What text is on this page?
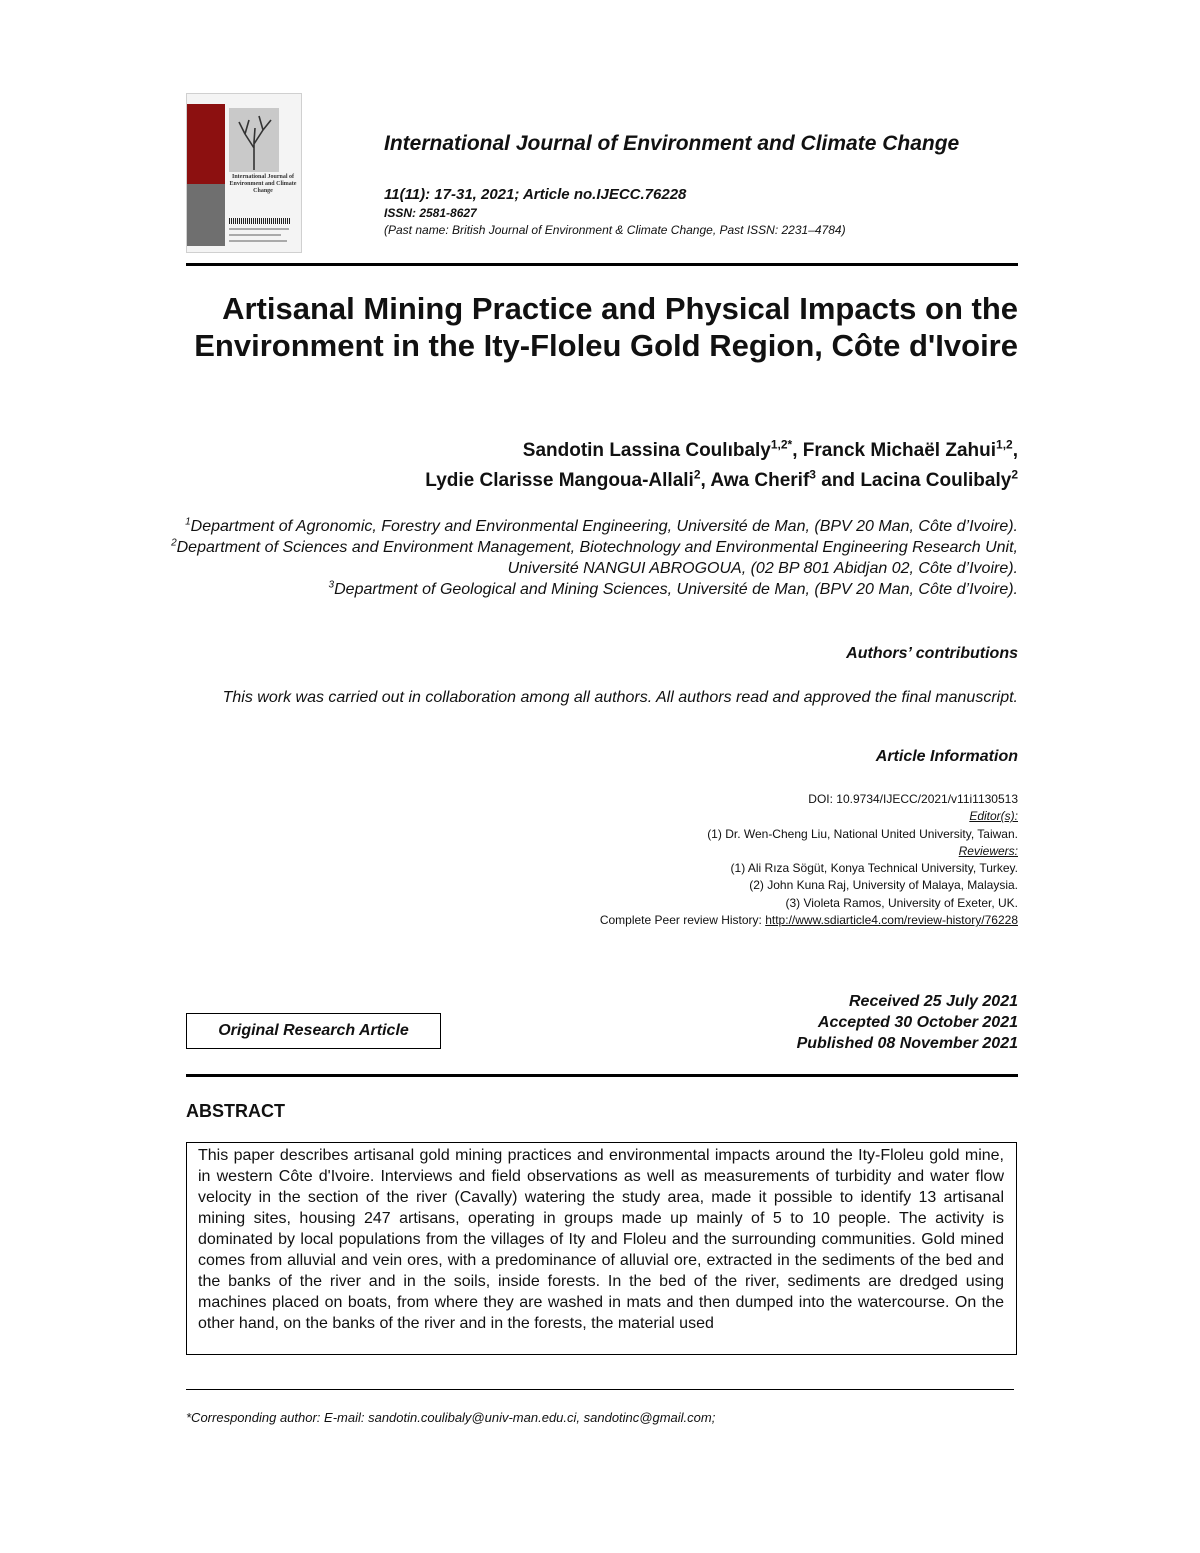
International Journal of Environment and Climate Change
International Journal of Environment and Climate Change
11(11): 17-31, 2021; Article no.IJECC.76228
ISSN: 2581-8627
(Past name: British Journal of Environment & Climate Change, Past ISSN: 2231–4784)
Artisanal Mining Practice and Physical Impacts on the Environment in the Ity-Floleu Gold Region, Côte d'Ivoire
Sandotin Lassina Coulıbaly$^{1,2*}$, Franck Michaël Zahui$^{1,2}$,
Lydie Clarisse Mangoua-Allali$^2$, Awa Cherif$^3$ and Lacina Coulibaly$^2$
$^1$Department of Agronomic, Forestry and Environmental Engineering, Université de Man, (BPV 20 Man, Côte d’Ivoire).
$^2$Department of Sciences and Environment Management, Biotechnology and Environmental Engineering Research Unit, Université NANGUI ABROGOUA, (02 BP 801 Abidjan 02, Côte d’Ivoire).
$^3$Department of Geological and Mining Sciences, Université de Man, (BPV 20 Man, Côte d’Ivoire).
Authors’ contributions
This work was carried out in collaboration among all authors. All authors read and approved the final manuscript.
Article Information
DOI: 10.9734/IJECC/2021/v11i1130513
Editor(s):
(1) Dr. Wen-Cheng Liu, National United University, Taiwan.
Reviewers:
(1) Ali Rıza Sögüt, Konya Technical University, Turkey.
(2) John Kuna Raj, University of Malaya, Malaysia.
(3) Violeta Ramos, University of Exeter, UK.
Complete Peer review History: http://www.sdiarticle4.com/review-history/76228
Original Research Article
Received 25 July 2021
Accepted 30 October 2021
Published 08 November 2021
ABSTRACT
This paper describes artisanal gold mining practices and environmental impacts around the Ity-Floleu gold mine, in western Côte d'Ivoire. Interviews and field observations as well as measurements of turbidity and water flow velocity in the section of the river (Cavally) watering the study area, made it possible to identify 13 artisanal mining sites, housing 247 artisans, operating in groups made up mainly of 5 to 10 people. The activity is dominated by local populations from the villages of Ity and Floleu and the surrounding communities. Gold mined comes from alluvial and vein ores, with a predominance of alluvial ore, extracted in the sediments of the bed and the banks of the river and in the soils, inside forests. In the bed of the river, sediments are dredged using machines placed on boats, from where they are washed in mats and then dumped into the watercourse. On the other hand, on the banks of the river and in the forests, the material used
*Corresponding author: E-mail: sandotin.coulibaly@univ-man.edu.ci, sandotinc@gmail.com;
